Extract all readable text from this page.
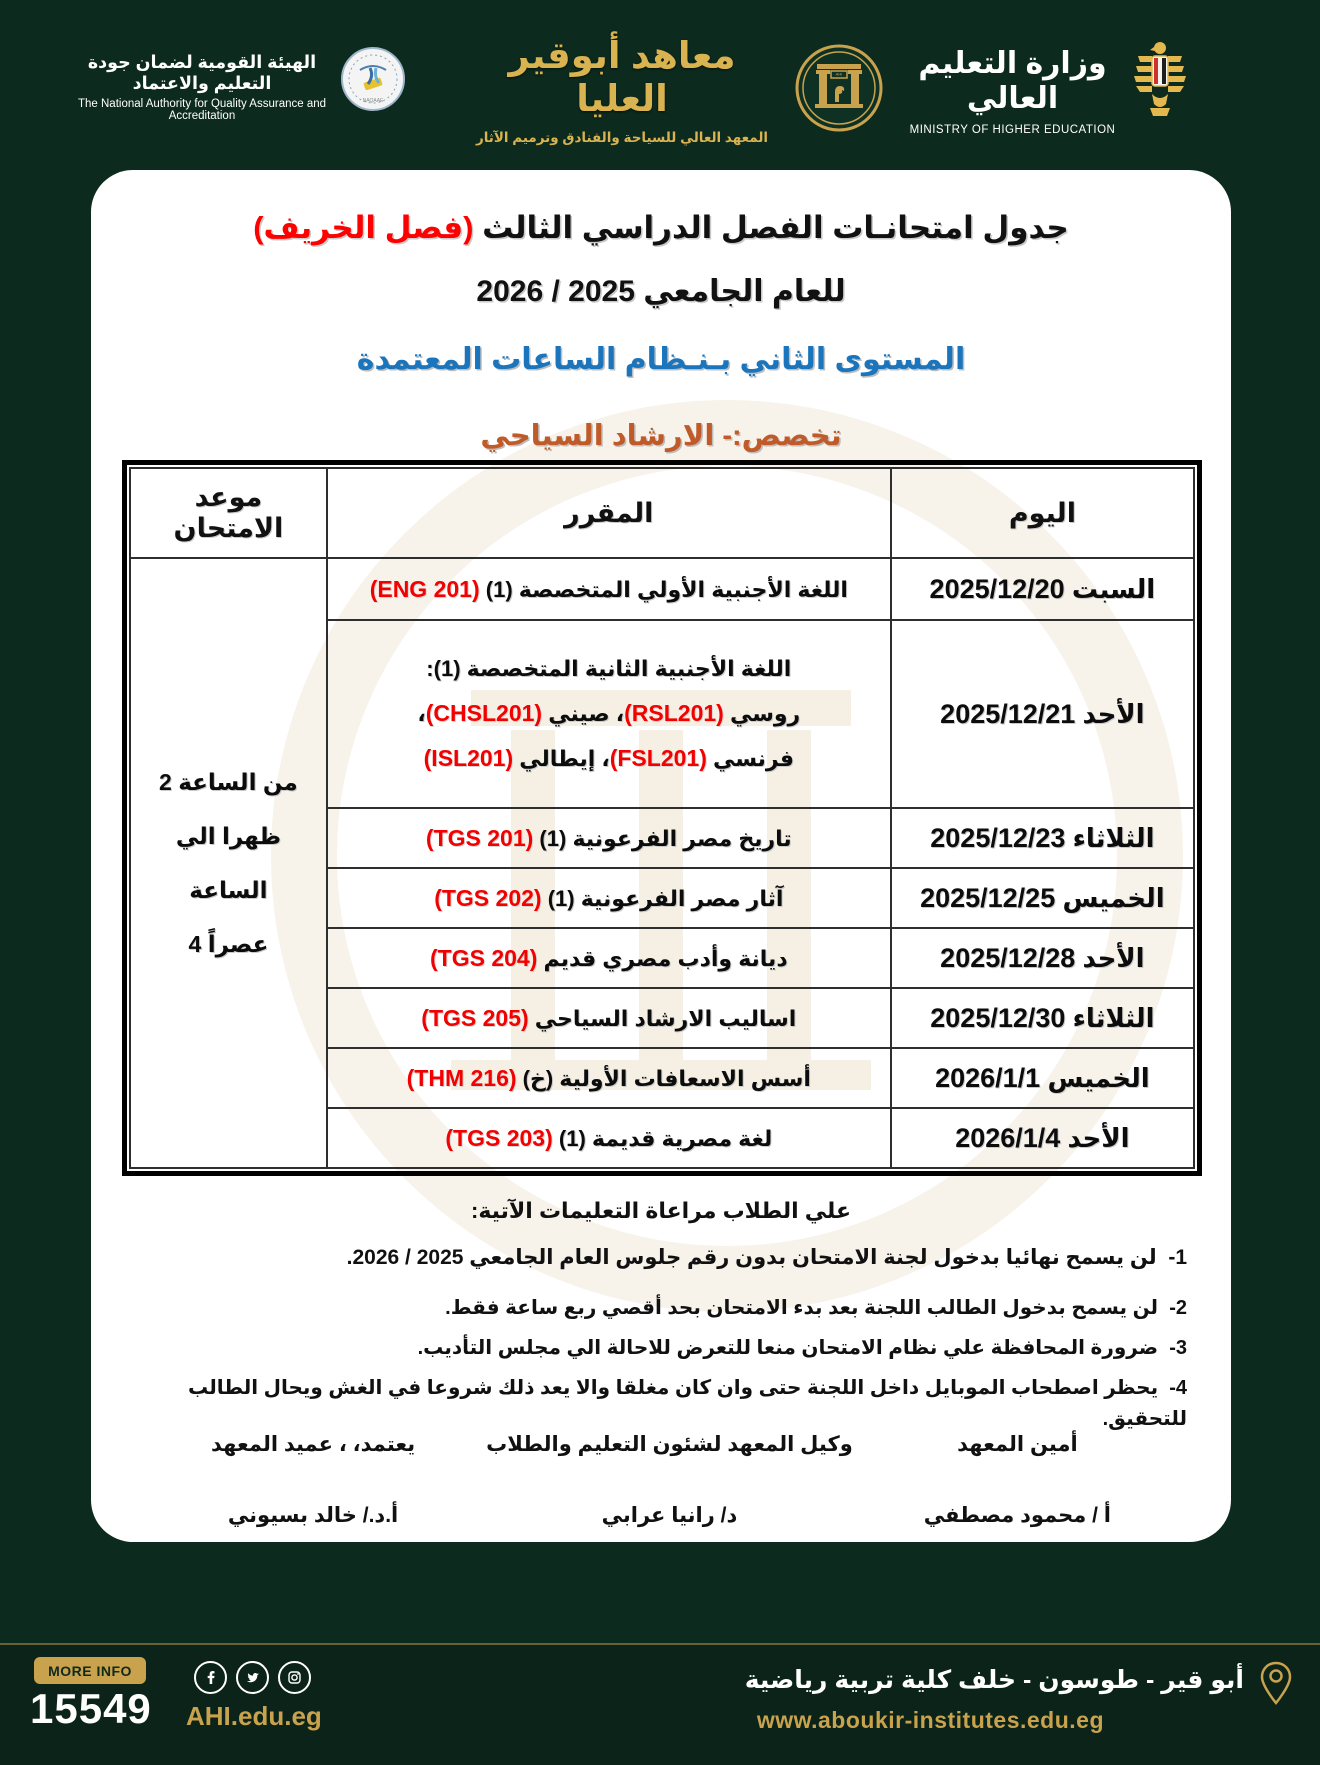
الهيئة القومية لضمان جودة التعليم والاعتماد
The National Authority for Quality Assurance and Accreditation
NAQAAE
معاهد أبوقير العليا
المعهد العالي للسياحة والفنادق وترميم الآثار
AHI	وزارة التعليم العالي
MINISTRY OF HIGHER EDUCATION
جدول امتحانـات الفصل الدراسي الثالث (فصل الخريف)
للعام الجامعي 2025 / 2026
المستوى الثاني بـنـظام الساعات المعتمدة
تخصص:- الارشاد السياحي
اليوم	المقرر	موعد الامتحان
السبت 2025/12/20	اللغة الأجنبية الأولي المتخصصة (1) (ENG 201)	من الساعة 2
ظهرا الي الساعة
4 عصراً

الأحد 2025/12/21	اللغة الأجنبية الثانية المتخصصة (1):
روسي (RSL201)، صيني (CHSL201)،
فرنسي (FSL201)، إيطالي (ISL201)	

الثلاثاء 2025/12/23	تاريخ مصر الفرعونية (1) (TGS 201)	

الخميس 2025/12/25	آثار مصر الفرعونية (1) (TGS 202)	

الأحد 2025/12/28	ديانة وأدب مصري قديم (TGS 204)	

الثلاثاء 2025/12/30	اساليب الارشاد السياحي (TGS 205)	

الخميس 2026/1/1	أسس الاسعافات الأولية (خ) (THM 216)	

الأحد 2026/1/4	لغة مصرية قديمة (1) (TGS 203)	
علي الطلاب مراعاة التعليمات الآتية:
1-  لن يسمح نهائيا بدخول لجنة الامتحان بدون رقم جلوس العام الجامعي 2025 / 2026.
2-  لن يسمح بدخول الطالب اللجنة بعد بدء الامتحان بحد أقصي ربع ساعة فقط.
3-  ضرورة المحافظة علي نظام الامتحان منعا للتعرض للاحالة الي مجلس التأديب.
4-  يحظر اصطحاب الموبايل داخل اللجنة حتى وان كان مغلقا والا يعد ذلك شروعا في الغش ويحال الطالب للتحقيق.
أمين المعهد
أ / محمود مصطفي
وكيل المعهد لشئون التعليم والطلاب
د/ رانيا عرابي
يعتمد، ، عميد المعهد
أ.د./ خالد بسيوني
MORE INFO
15549 AHI.edu.eg
أبو قير - طوسون - خلف كلية تربية رياضية
www.aboukir-institutes.edu.eg
